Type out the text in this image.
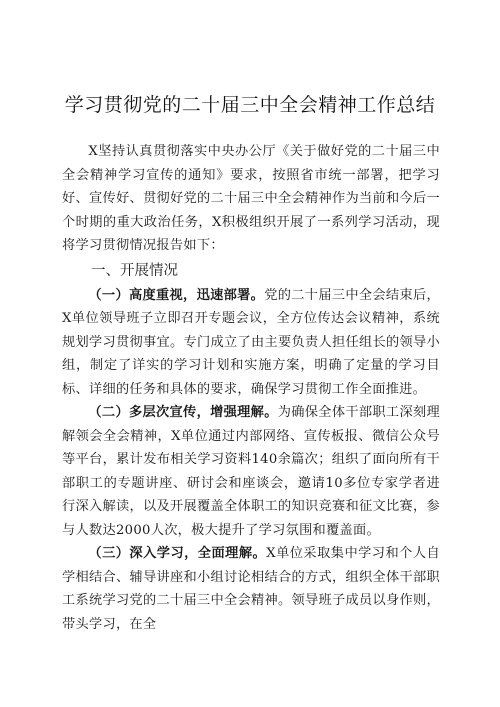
学习贯彻党的二十届三中全会精神工作总结

X坚持认真贯彻落实中央办公厅《关于做好党的二十届三中全会精神学习宣传的通知》要求，按照省市统一部署，把学习好、宣传好、贯彻好党的二十届三中全会精神作为当前和今后一个时期的重大政治任务，X积极组织开展了一系列学习活动，现将学习贯彻情况报告如下：

一、开展情况

（一）高度重视，迅速部署。党的二十届三中全会结束后，X单位领导班子立即召开专题会议，全方位传达会议精神，系统规划学习贯彻事宜。专门成立了由主要负责人担任组长的领导小组，制定了详实的学习计划和实施方案，明确了定量的学习目标、详细的任务和具体的要求，确保学习贯彻工作全面推进。

（二）多层次宣传，增强理解。为确保全体干部职工深刻理解领会全会精神，X单位通过内部网络、宣传板报、微信公众号等平台，累计发布相关学习资料140余篇次；组织了面向所有干部职工的专题讲座、研讨会和座谈会，邀请10多位专家学者进行深入解读，以及开展覆盖全体职工的知识竞赛和征文比赛，参与人数达2000人次，极大提升了学习氛围和覆盖面。

（三）深入学习，全面理解。X单位采取集中学习和个人自学相结合、辅导讲座和小组讨论相结合的方式，组织全体干部职工系统学习党的二十届三中全会精神。领导班子成员以身作则，带头学习，在全
